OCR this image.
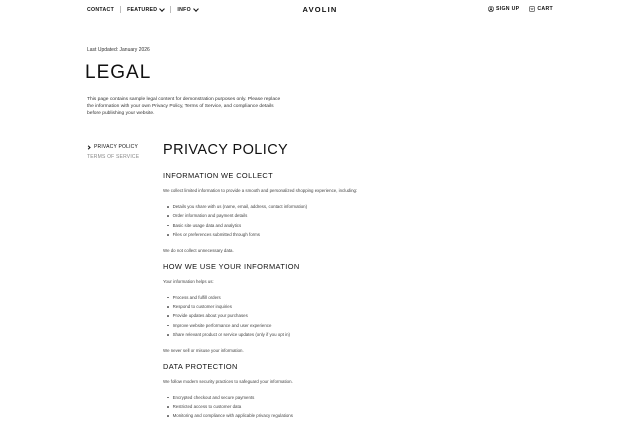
CONTACT	FEATURED	INFO	AVOLIN	SIGN UP	CART
Last Updated: January 2026
LEGAL
This page contains sample legal content for demonstration purposes only. Please replace the information with your own Privacy Policy, Terms of Service, and compliance details before publishing your website.
PRIVACY POLICY
TERMS OF SERVICE PRIVACY POLICY
INFORMATION WE COLLECT

We collect limited information to provide a smooth and personalized shopping experience, including:

Details you share with us (name, email, address, contact information)
Order information and payment details
Basic site usage data and analytics
Files or preferences submitted through forms

We do not collect unnecessary data.

HOW WE USE YOUR INFORMATION

Your information helps us:

Process and fulfill orders
Respond to customer inquiries
Provide updates about your purchases
Improve website performance and user experience
Share relevant product or service updates (only if you opt in)

We never sell or misuse your information.

DATA PROTECTION

We follow modern security practices to safeguard your information.

Encrypted checkout and secure payments
Restricted access to customer data
Monitoring and compliance with applicable privacy regulations
